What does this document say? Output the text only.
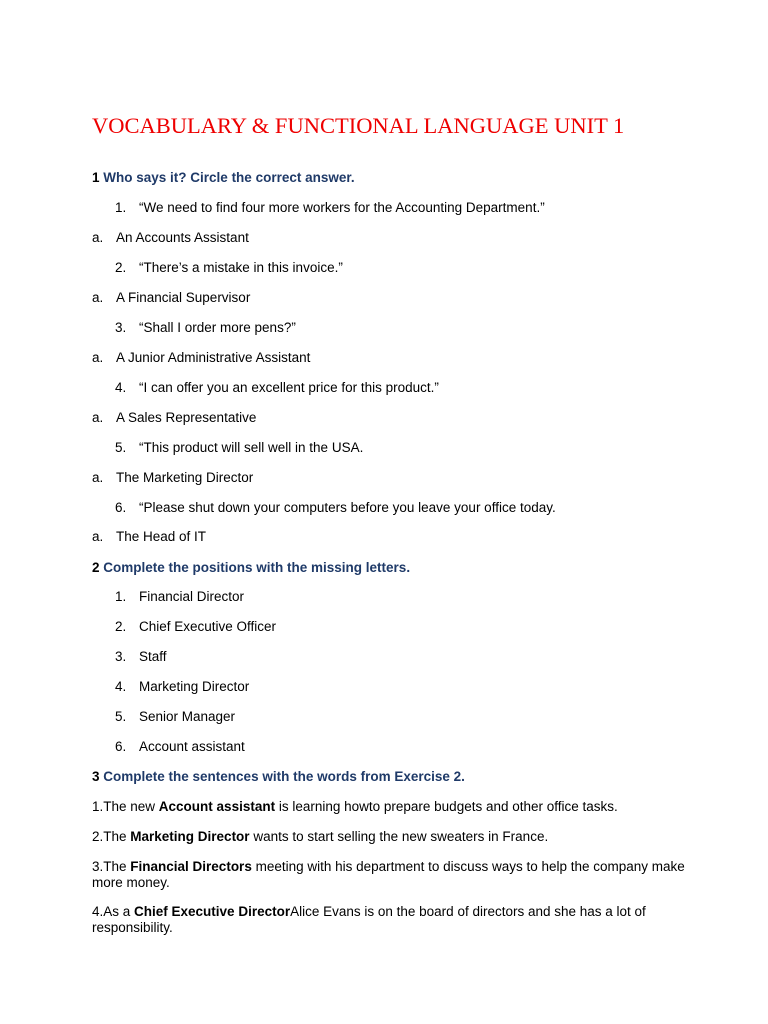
VOCABULARY & FUNCTIONAL LANGUAGE UNIT 1
1 Who says it? Circle the correct answer.
1. “We need to find four more workers for the Accounting Department.”
a. An Accounts Assistant
2. “There’s a mistake in this invoice.”
a. A Financial Supervisor
3. “Shall I order more pens?”
a. A Junior Administrative Assistant
4. “I can offer you an excellent price for this product.”
a. A Sales Representative
5. “This product will sell well in the USA.
a. The Marketing Director
6. “Please shut down your computers before you leave your office today.
a. The Head of IT
2 Complete the positions with the missing letters.
1. Financial Director
2. Chief Executive Officer
3. Staff
4. Marketing Director
5. Senior Manager
6. Account assistant
3 Complete the sentences with the words from Exercise 2.
1.The new Account assistant is learning howto prepare budgets and other office tasks.
2.The Marketing Director wants to start selling the new sweaters in France.
3.The Financial Directors meeting with his department to discuss ways to help the company make more money.
4.As a Chief Executive DirectorAlice Evans is on the board of directors and she has a lot of responsibility.
